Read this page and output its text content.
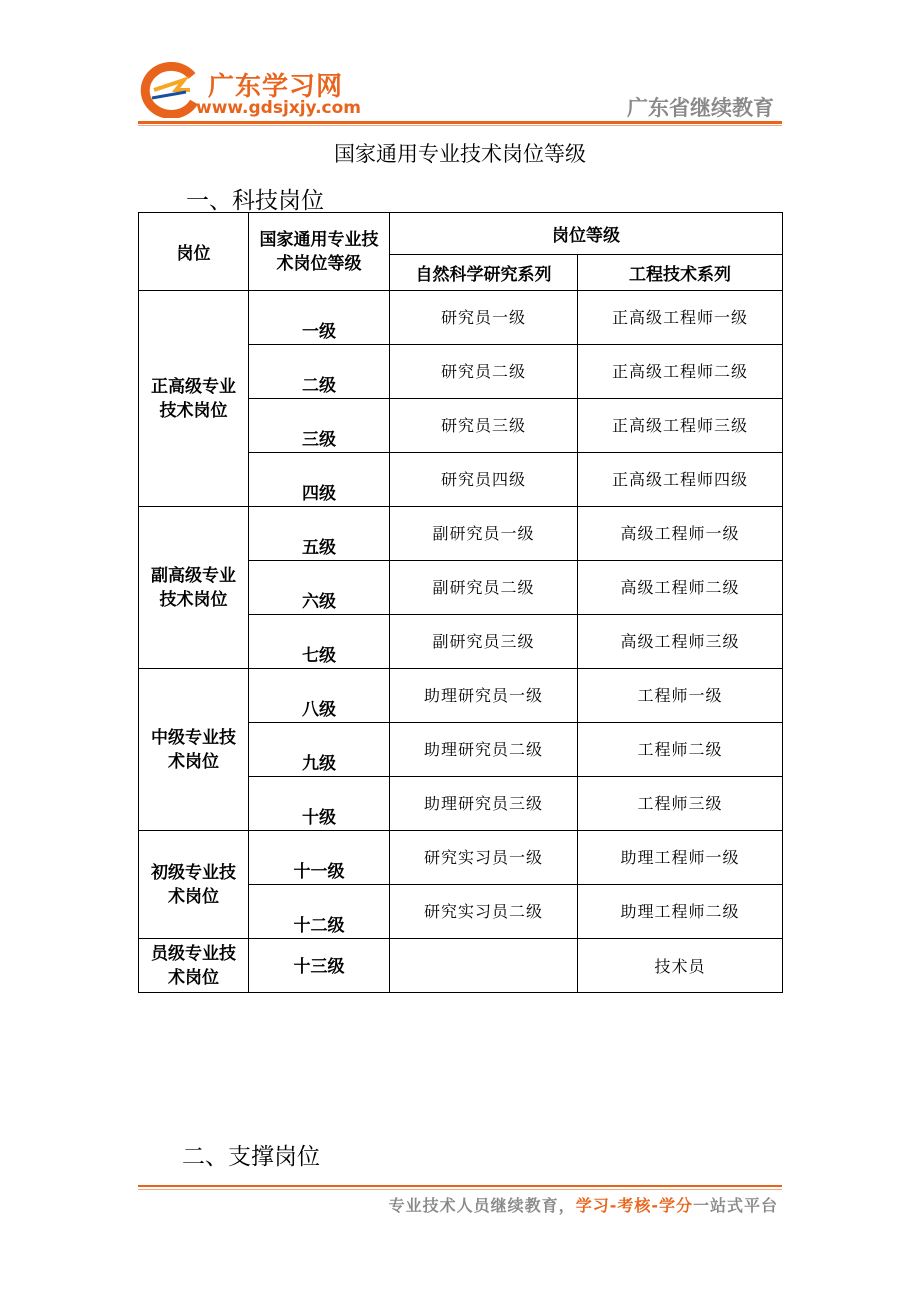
广东学习网
www.gdsjxjy.com	广东省继续教育
国家通用专业技术岗位等级
一、科技岗位
岗位	国家通用专业技术岗位等级	岗位等级	
		自然科学研究系列	工程技术系列
正高级专业技术岗位	一级	研究员一级	正高级工程师一级
	二级	研究员二级	正高级工程师二级
	三级	研究员三级	正高级工程师三级
	四级	研究员四级	正高级工程师四级
副高级专业技术岗位	五级	副研究员一级	高级工程师一级
	六级	副研究员二级	高级工程师二级
	七级	副研究员三级	高级工程师三级
中级专业技术岗位	八级	助理研究员一级	工程师一级
	九级	助理研究员二级	工程师二级
	十级	助理研究员三级	工程师三级
初级专业技术岗位	十一级	研究实习员一级	助理工程师一级
	十二级	研究实习员二级	助理工程师二级
员级专业技术岗位	十三级		技术员
二、支撑岗位
专业技术人员继续教育，学习-考核-学分一站式平台
